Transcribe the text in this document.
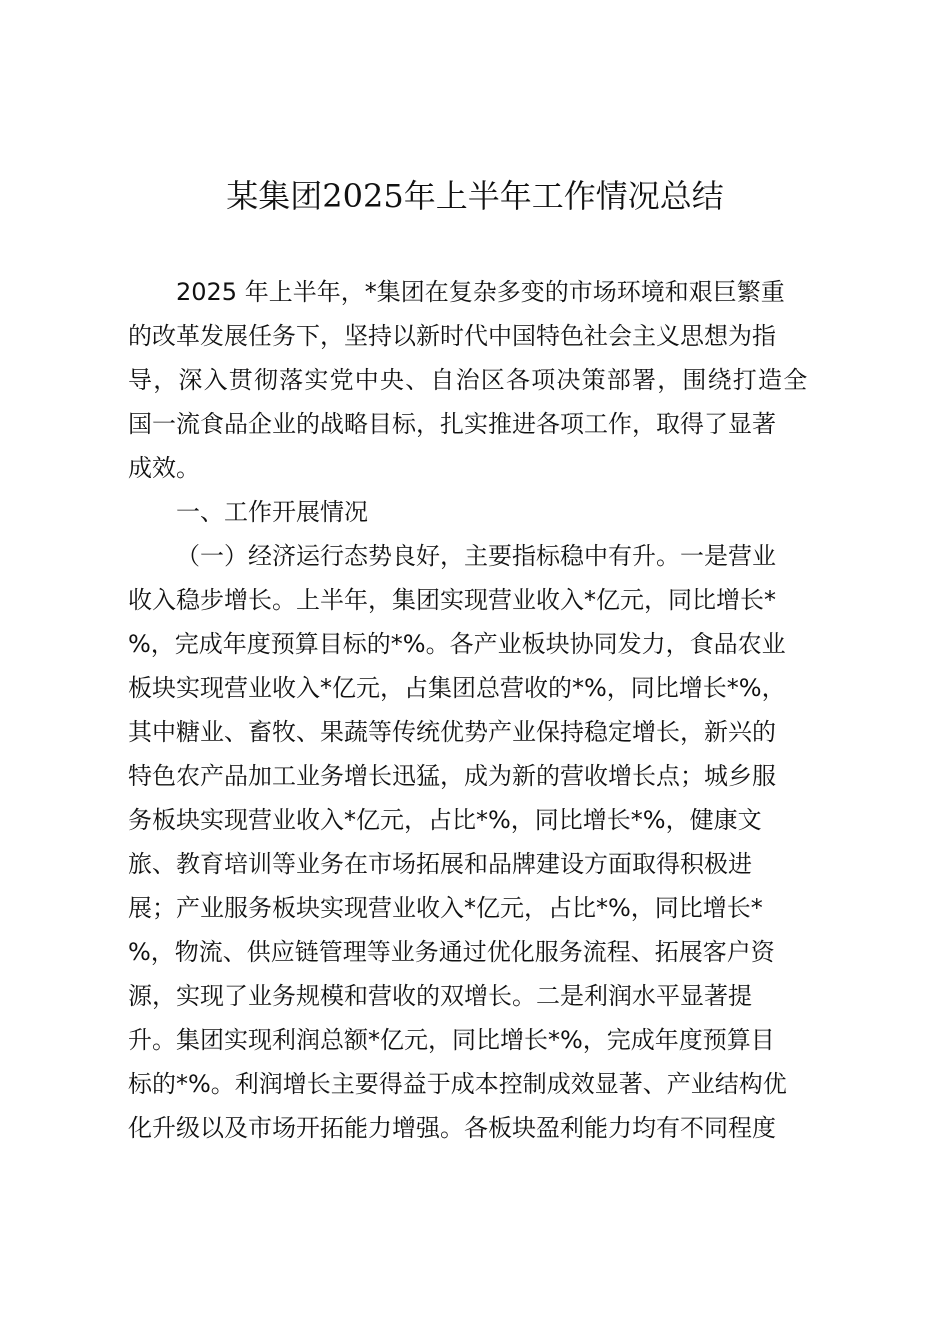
某集团2025年上半年工作情况总结
2025 年上半年，*集团在复杂多变的市场环境和艰巨繁重
的改革发展任务下，坚持以新时代中国特色社会主义思想为指
导，深入贯彻落实党中央、自治区各项决策部署，围绕打造全
国一流食品企业的战略目标，扎实推进各项工作，取得了显著
成效。
一、工作开展情况
（一）经济运行态势良好，主要指标稳中有升。一是营业
收入稳步增长。上半年，集团实现营业收入*亿元，同比增长*
%，完成年度预算目标的*%。各产业板块协同发力，食品农业
板块实现营业收入*亿元，占集团总营收的*%，同比增长*%，
其中糖业、畜牧、果蔬等传统优势产业保持稳定增长，新兴的
特色农产品加工业务增长迅猛，成为新的营收增长点；城乡服
务板块实现营业收入*亿元，占比*%，同比增长*%，健康文
旅、教育培训等业务在市场拓展和品牌建设方面取得积极进
展；产业服务板块实现营业收入*亿元，占比*%，同比增长*
%，物流、供应链管理等业务通过优化服务流程、拓展客户资
源，实现了业务规模和营收的双增长。二是利润水平显著提
升。集团实现利润总额*亿元，同比增长*%，完成年度预算目
标的*%。利润增长主要得益于成本控制成效显著、产业结构优
化升级以及市场开拓能力增强。各板块盈利能力均有不同程度
